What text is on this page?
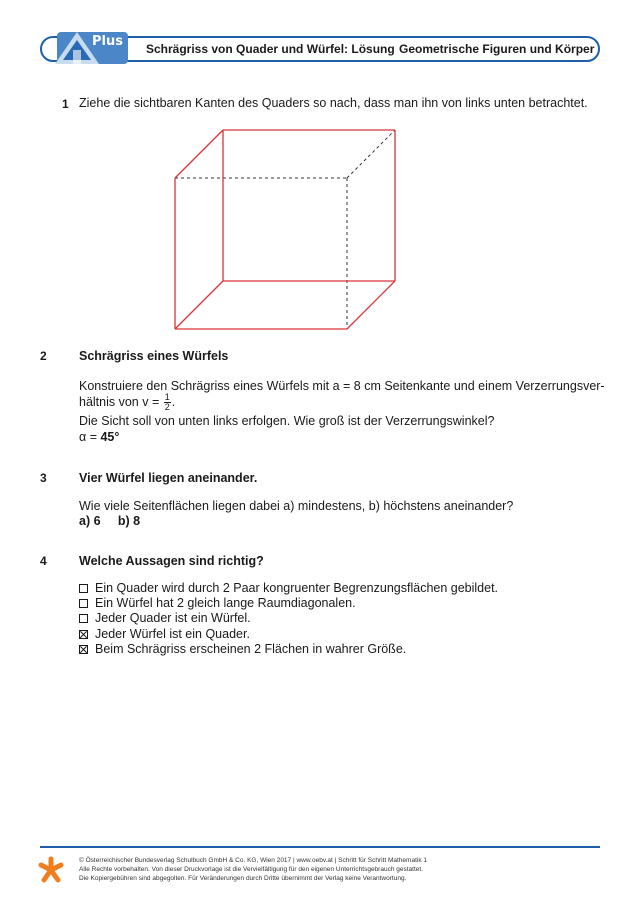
Plus Schrägriss von Quader und Würfel: Lösung Geometrische Figuren und Körper
1 Ziehe die sichtbaren Kanten des Quaders so nach, dass man ihn von links unten betrachtet.
2	Schrägriss eines Würfels
Konstruiere den Schrägriss eines Würfels mit a = 8 cm Seitenkante und einem Verzerrungsver-
hältnis von $v = \frac{1}{2}$ .
Die Sicht soll von unten links erfolgen. Wie groß ist der Verzerrungswinkel?
α = 45°
3	Vier Würfel liegen aneinander.
Wie viele Seitenflächen liegen dabei a) mindestens, b) höchstens aneinander?
a) 6     b) 8
4	Welche Aussagen sind richtig?
Ein Quader wird durch 2 Paar kongruenter Begrenzungsflächen gebildet.
Ein Würfel hat 2 gleich lange Raumdiagonalen.
Jeder Quader ist ein Würfel.
Jeder Würfel ist ein Quader.
Beim Schrägriss erscheinen 2 Flächen in wahrer Größe.
© Österreichischer Bundesverlag Schulbuch GmbH & Co. KG, Wien 2017 | www.oebv.at | Schritt für Schritt Mathematik 1
Alle Rechte vorbehalten. Von dieser Druckvorlage ist die Vervielfältigung für den eigenen Unterrichtsgebrauch gestattet.
Die Kopiergebühren sind abgegolten. Für Veränderungen durch Dritte übernimmt der Verlag keine Verantwortung.
